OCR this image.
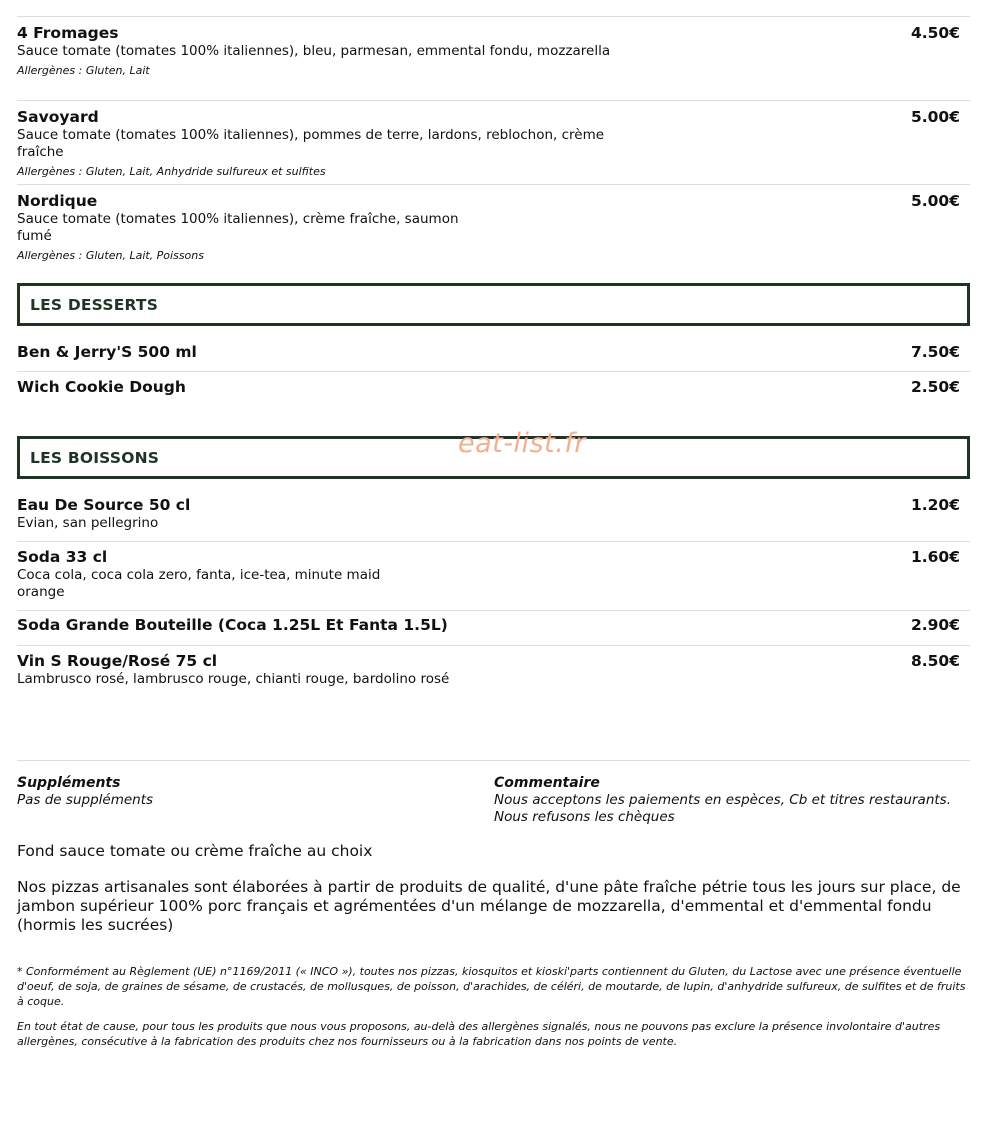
4.50€
4 Fromages
Sauce tomate (tomates 100% italiennes), bleu, parmesan, emmental fondu, mozzarella
Allergènes : Gluten, Lait
5.00€
Savoyard
Sauce tomate (tomates 100% italiennes), pommes de terre, lardons, reblochon, crème fraîche
Allergènes : Gluten, Lait, Anhydride sulfureux et sulfites
5.00€
Nordique
Sauce tomate (tomates 100% italiennes), crème fraîche, saumon fumé
Allergènes : Gluten, Lait, Poissons
LES DESSERTS
7.50€
Ben & Jerry'S 500 ml
2.50€
Wich Cookie Dough
LES BOISSONS
1.20€
Eau De Source 50 cl
Evian, san pellegrino
1.60€
Soda 33 cl
Coca cola, coca cola zero, fanta, ice-tea, minute maid orange
2.90€
Soda Grande Bouteille (Coca 1.25L Et Fanta 1.5L)
8.50€
Vin S Rouge/Rosé 75 cl
Lambrusco rosé, lambrusco rouge, chianti rouge, bardolino rosé
eat-list.fr
Suppléments
Pas de suppléments
Commentaire
Nous acceptons les paiements en espèces, Cb et titres restaurants.
Nous refusons les chèques
Fond sauce tomate ou crème fraîche au choix
Nos pizzas artisanales sont élaborées à partir de produits de qualité, d'une pâte fraîche pétrie tous les jours sur place, de jambon supérieur 100% porc français et agrémentées d'un mélange de mozzarella, d'emmental et d'emmental fondu (hormis les sucrées)
* Conformément au Règlement (UE) n°1169/2011 (« INCO »), toutes nos pizzas, kiosquitos et kioski'parts contiennent du Gluten, du Lactose avec une présence éventuelle d'oeuf, de soja, de graines de sésame, de crustacés, de mollusques, de poisson, d'arachides, de céléri, de moutarde, de lupin, d'anhydride sulfureux, de sulfites et de fruits à coque.
En tout état de cause, pour tous les produits que nous vous proposons, au-delà des allergènes signalés, nous ne pouvons pas exclure la présence involontaire d'autres allergènes, consécutive à la fabrication des produits chez nos fournisseurs ou à la fabrication dans nos points de vente.
